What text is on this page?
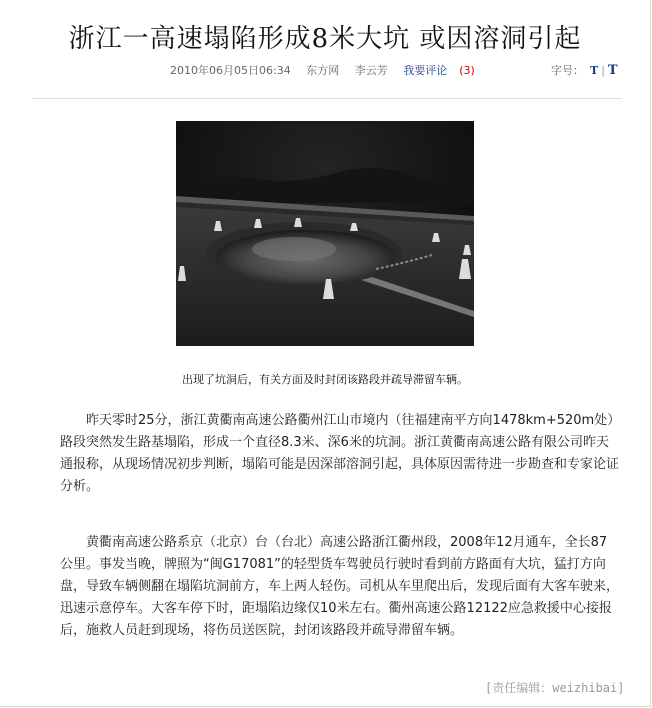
浙江一高速塌陷形成8米大坑 或因溶洞引起
2010年06月05日06:34 东方网 李云芳 我要评论 (3)	字号： T | T
出现了坑洞后，有关方面及时封闭该路段并疏导滞留车辆。

昨天零时25分，浙江黄衢南高速公路衢州江山市境内（往福建南平方向1478km+520m处）路段突然发生路基塌陷，形成一个直径8.3米、深6米的坑洞。浙江黄衢南高速公路有限公司昨天通报称，从现场情况初步判断，塌陷可能是因深部溶洞引起，具体原因需待进一步勘查和专家论证分析。

黄衢南高速公路系京（北京）台（台北）高速公路浙江衢州段，2008年12月通车，全长87公里。事发当晚，牌照为“闽G17081”的轻型货车驾驶员行驶时看到前方路面有大坑，猛打方向盘，导致车辆侧翻在塌陷坑洞前方，车上两人轻伤。司机从车里爬出后，发现后面有大客车驶来，迅速示意停车。大客车停下时，距塌陷边缘仅10米左右。衢州高速公路12122应急救援中心接报后，施救人员赶到现场，将伤员送医院，封闭该路段并疏导滞留车辆。

[责任编辑：weizhibai]
